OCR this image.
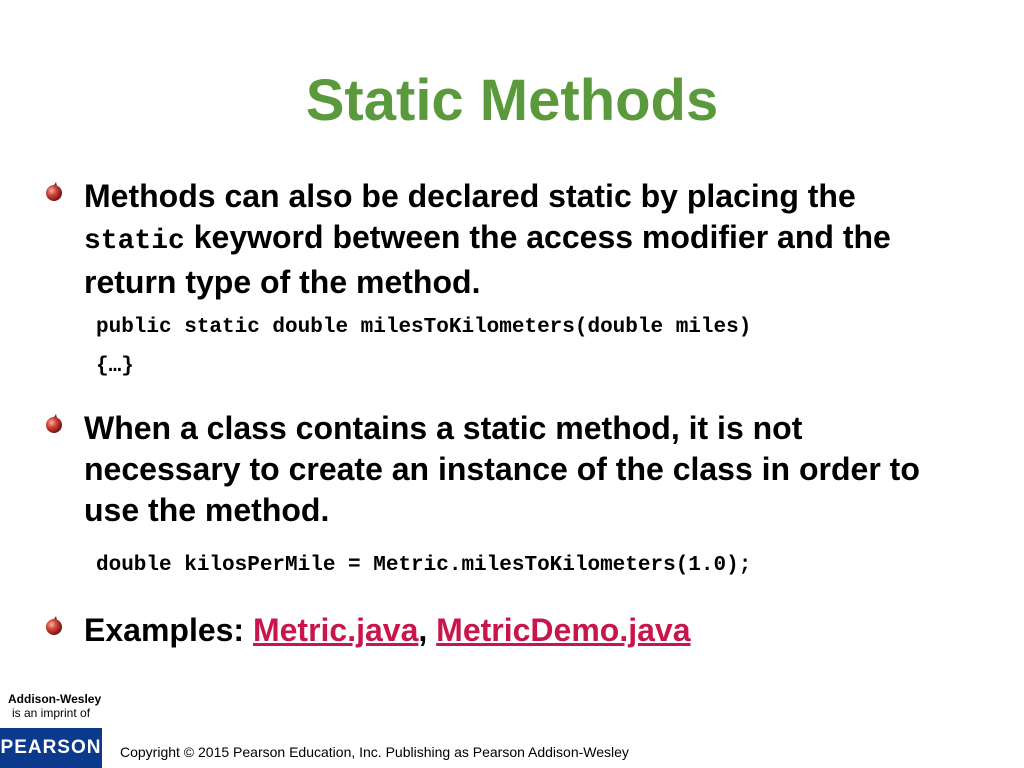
Static Methods
Methods can also be declared static by placing the
static keyword between the access modifier and the return type of the method.
public static double milesToKilometers(double miles)
{…}
When a class contains a static method, it is not necessary to create an instance of the class in order to use the method.
double kilosPerMile = Metric.milesToKilometers(1.0);
Examples: Metric.java, MetricDemo.java
Addison-Wesley
is an imprint of
PEARSON Copyright © 2015 Pearson Education, Inc. Publishing as Pearson Addison-Wesley
